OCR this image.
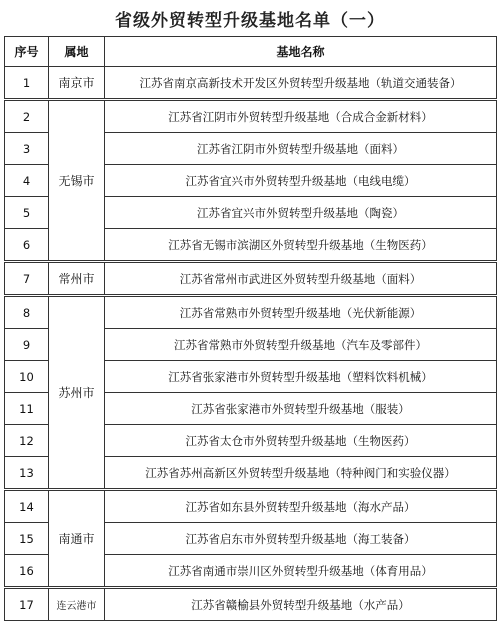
省级外贸转型升级基地名单（一）
序号	属地	基地名称
1	南京市	江苏省南京高新技术开发区外贸转型升级基地（轨道交通装备）
2	无锡市	江苏省江阴市外贸转型升级基地（合成合金新材料）
3		江苏省江阴市外贸转型升级基地（面料）
4		江苏省宜兴市外贸转型升级基地（电线电缆）
5		江苏省宜兴市外贸转型升级基地（陶瓷）
6		江苏省无锡市滨湖区外贸转型升级基地（生物医药）
7	常州市	江苏省常州市武进区外贸转型升级基地（面料）
8	苏州市	江苏省常熟市外贸转型升级基地（光伏新能源）
9		江苏省常熟市外贸转型升级基地（汽车及零部件）
10		江苏省张家港市外贸转型升级基地（塑料饮料机械）
11		江苏省张家港市外贸转型升级基地（服装）
12		江苏省太仓市外贸转型升级基地（生物医药）
13		江苏省苏州高新区外贸转型升级基地（特种阀门和实验仪器）
14	南通市	江苏省如东县外贸转型升级基地（海水产品）
15		江苏省启东市外贸转型升级基地（海工装备）
16		江苏省南通市崇川区外贸转型升级基地（体育用品）
17	连云港市	江苏省赣榆县外贸转型升级基地（水产品）
